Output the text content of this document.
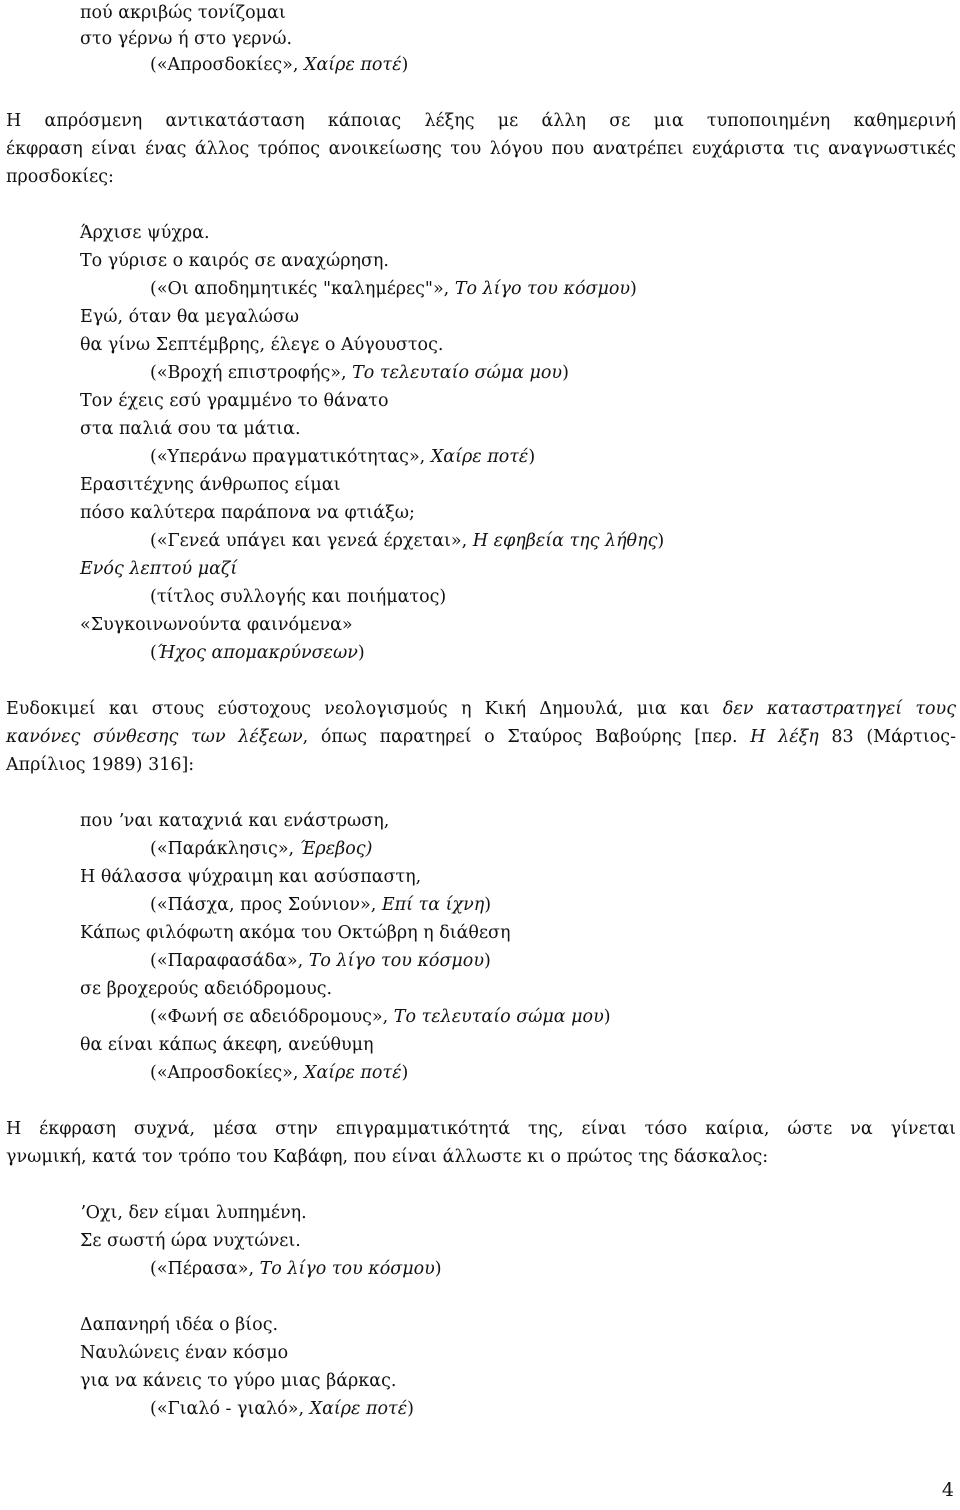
πού ακριβώς τονίζομαι
στο γέρνω ή στο γερνώ.
(«Απροσδοκίες», Χαίρε ποτέ)
Η απρόσμενη αντικατάσταση κάποιας λέξης με άλλη σε μια τυποποιημένη καθημερινή
έκφραση είναι ένας άλλος τρόπος ανοικείωσης του λόγου που ανατρέπει ευχάριστα τις αναγνωστικές
προσδοκίες:
Άρχισε ψύχρα.
Το γύρισε ο καιρός σε αναχώρηση.
(«Οι αποδημητικές "καλημέρες"», Το λίγο του κόσμου)
Εγώ, όταν θα μεγαλώσω
θα γίνω Σεπτέμβρης, έλεγε ο Αύγουστος.
(«Βροχή επιστροφής», Το τελευταίο σώμα μου)
Τον έχεις εσύ γραμμένο το θάνατο
στα παλιά σου τα μάτια.
(«Υπεράνω πραγματικότητας», Χαίρε ποτέ)
Ερασιτέχνης άνθρωπος είμαι
πόσο καλύτερα παράπονα να φτιάξω;
(«Γενεά υπάγει και γενεά έρχεται», Η εφηβεία της λήθης)
Ενός λεπτού μαζί
(τίτλος συλλογής και ποιήματος)
«Συγκοινωνούντα φαινόμενα»
(Ήχος απομακρύνσεων)
Ευδοκιμεί και στους εύστοχους νεολογισμούς η Κική Δημουλά, μια και δεν καταστρατηγεί τους
κανόνες σύνθεσης των λέξεων, όπως παρατηρεί ο Σταύρος Βαβούρης [περ. Η λέξη 83 (Μάρτιος-
Απρίλιος 1989) 316]:
που ʼναι καταχνιά και ενάστρωση,
(«Παράκλησις», Έρεβος)
Η θάλασσα ψύχραιμη και ασύσπαστη,
(«Πάσχα, προς Σούνιον», Επί τα ίχνη)
Κάπως φιλόφωτη ακόμα του Οκτώβρη η διάθεση
(«Παραφασάδα», Το λίγο του κόσμου)
σε βροχερούς αδειόδρομους.
(«Φωνή σε αδειόδρομους», Το τελευταίο σώμα μου)
θα είναι κάπως άκεφη, ανεύθυμη
(«Απροσδοκίες», Χαίρε ποτέ)
Η έκφραση συχνά, μέσα στην επιγραμματικότητά της, είναι τόσο καίρια, ώστε να γίνεται
γνωμική, κατά τον τρόπο του Καβάφη, που είναι άλλωστε κι ο πρώτος της δάσκαλος:
ʼΟχι, δεν είμαι λυπημένη.
Σε σωστή ώρα νυχτώνει.
(«Πέρασα», Το λίγο του κόσμου)
Δαπανηρή ιδέα ο βίος.
Ναυλώνεις έναν κόσμο
για να κάνεις το γύρο μιας βάρκας.
(«Γιαλό - γιαλό», Χαίρε ποτέ)
4
